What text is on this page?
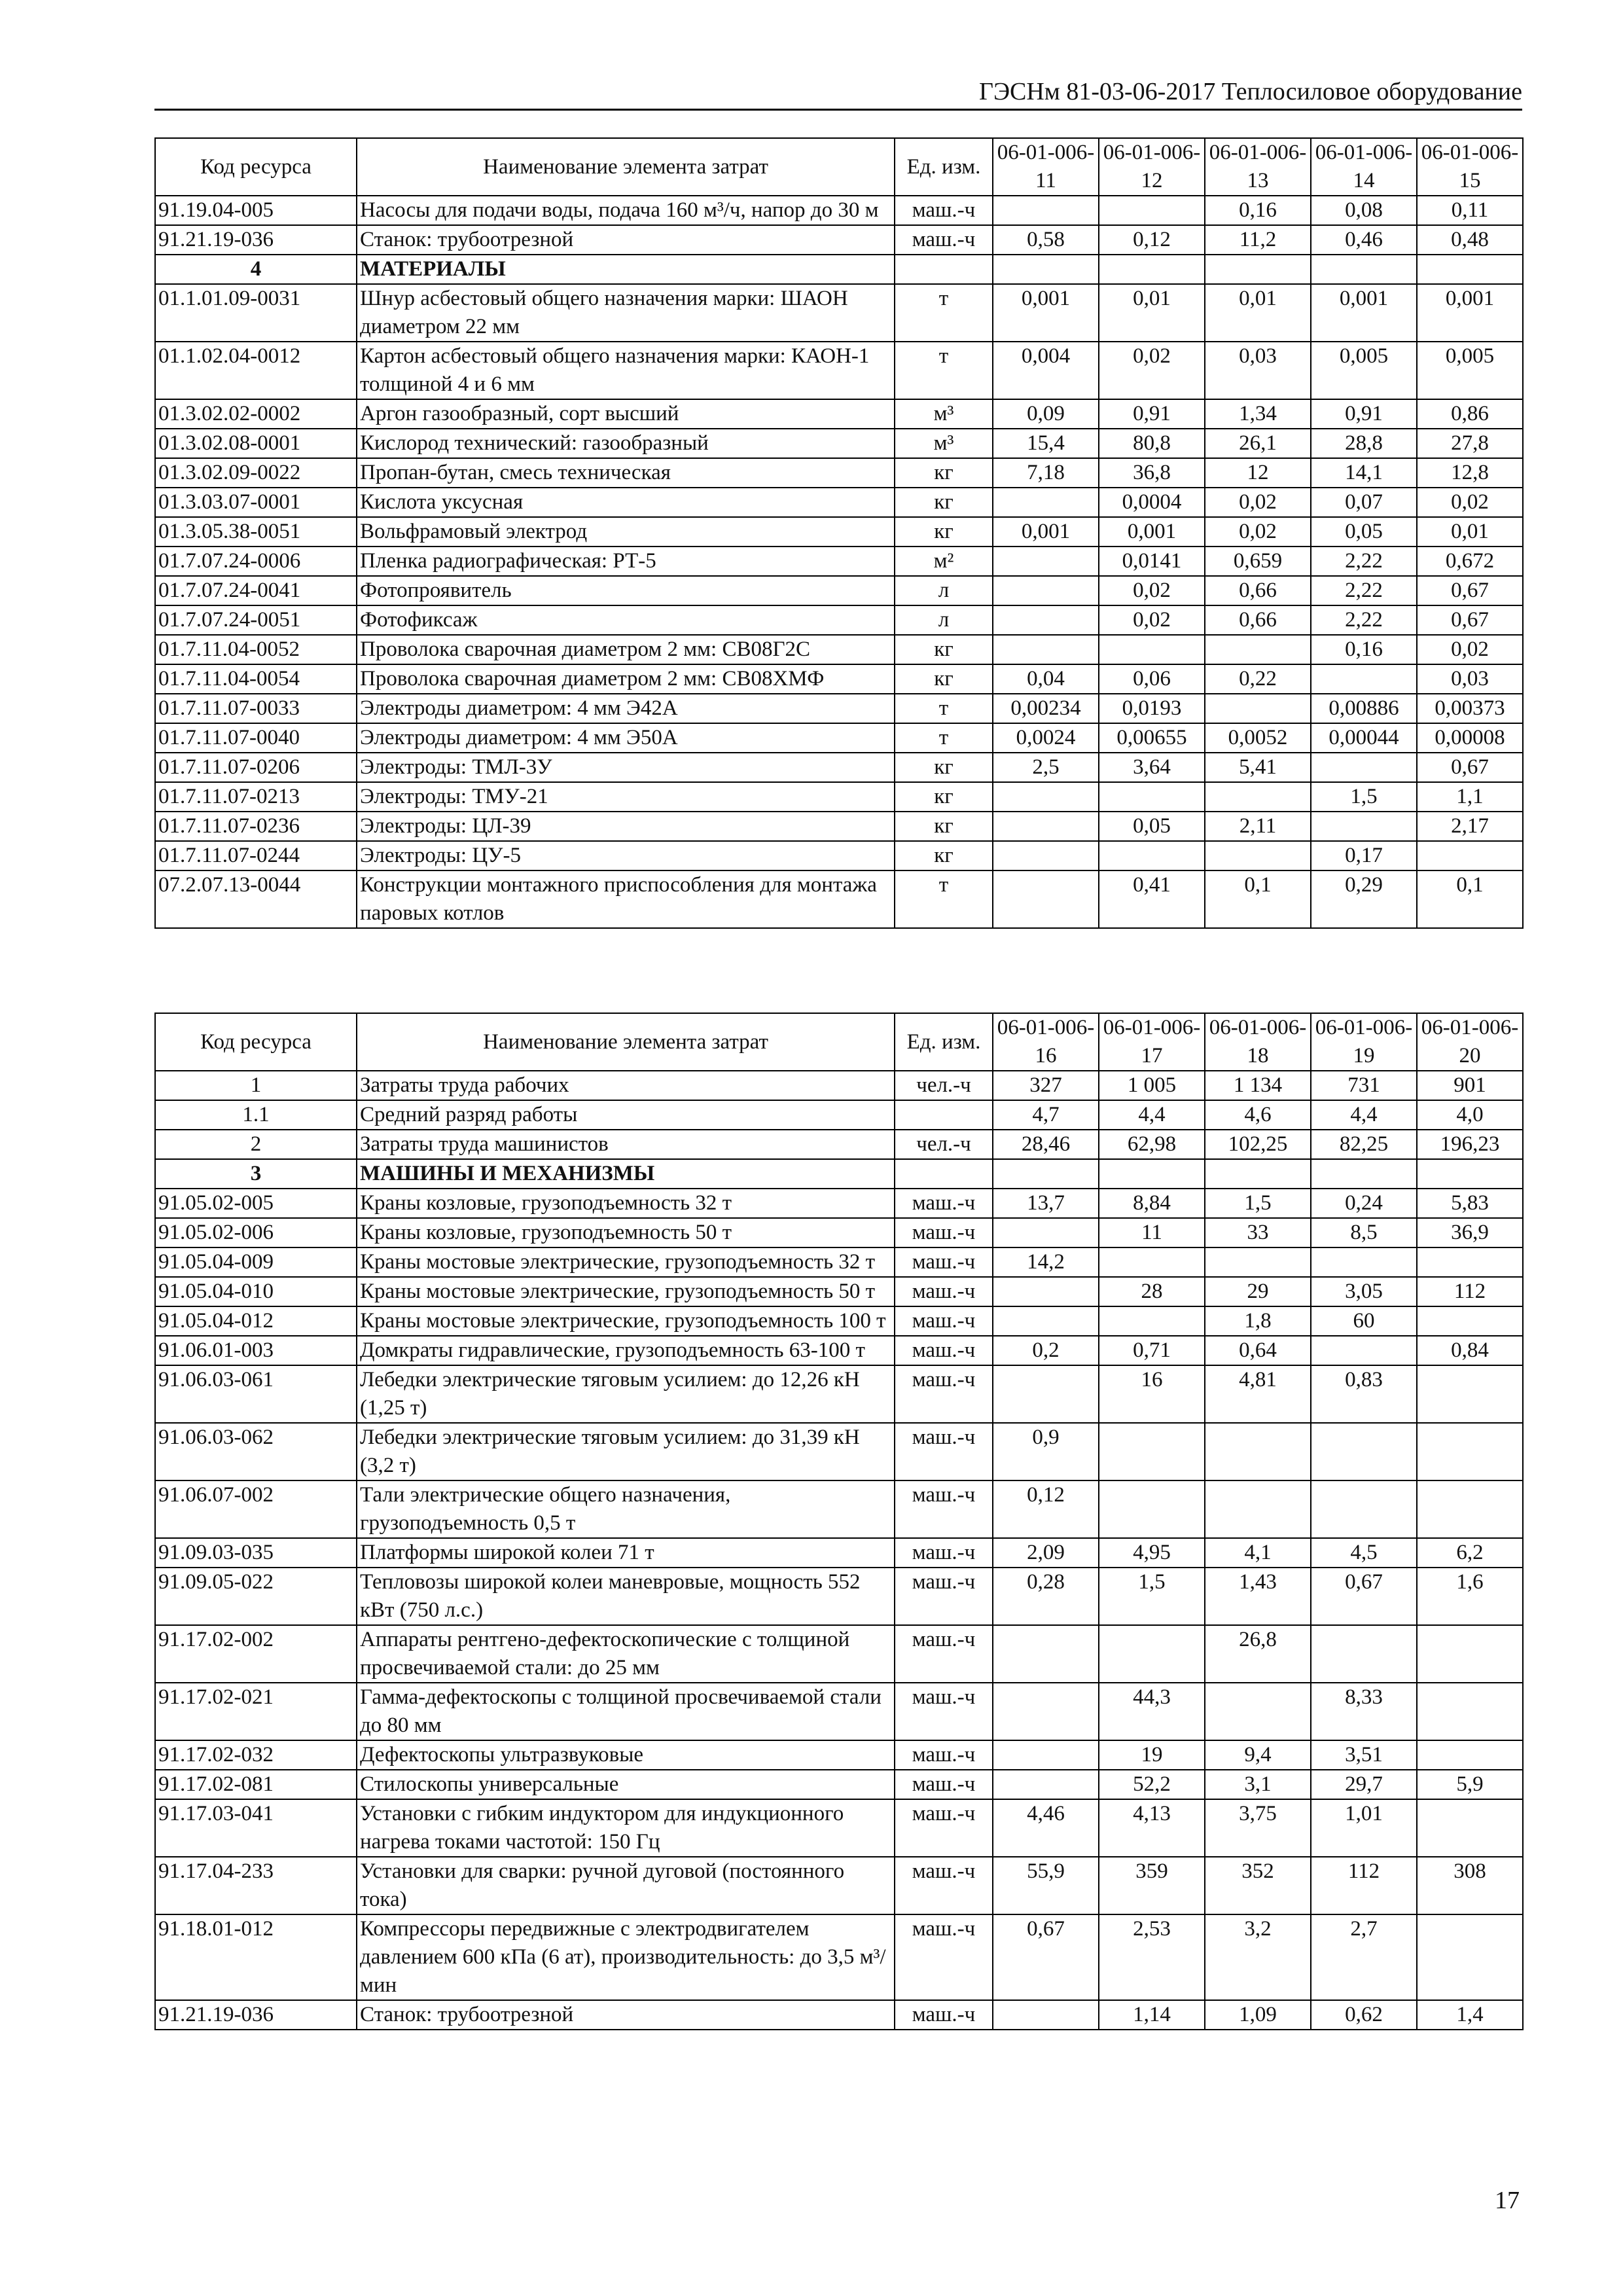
ГЭСНм 81-03-06-2017 Теплосиловое оборудование
Код ресурса	Наименование элемента затрат	Ед. изм.	06-01-006-11	06-01-006-12	06-01-006-13	06-01-006-14	06-01-006-15
91.19.04-005	Насосы для подачи воды, подача 160 м³/ч, напор до 30 м	маш.-ч			0,16	0,08	0,11
91.21.19-036	Станок: трубоотрезной	маш.-ч	0,58	0,12	11,2	0,46	0,48
4	МАТЕРИАЛЫ						
01.1.01.09-0031	Шнур асбестовый общего назначения марки: ШАОН диаметром 22 мм	т	0,001	0,01	0,01	0,001	0,001
01.1.02.04-0012	Картон асбестовый общего назначения марки: КАОН-1 толщиной 4 и 6 мм	т	0,004	0,02	0,03	0,005	0,005
01.3.02.02-0002	Аргон газообразный, сорт высший	м³	0,09	0,91	1,34	0,91	0,86
01.3.02.08-0001	Кислород технический: газообразный	м³	15,4	80,8	26,1	28,8	27,8
01.3.02.09-0022	Пропан-бутан, смесь техническая	кг	7,18	36,8	12	14,1	12,8
01.3.03.07-0001	Кислота уксусная	кг		0,0004	0,02	0,07	0,02
01.3.05.38-0051	Вольфрамовый электрод	кг	0,001	0,001	0,02	0,05	0,01
01.7.07.24-0006	Пленка радиографическая: РТ-5	м²		0,0141	0,659	2,22	0,672
01.7.07.24-0041	Фотопроявитель	л		0,02	0,66	2,22	0,67
01.7.07.24-0051	Фотофиксаж	л		0,02	0,66	2,22	0,67
01.7.11.04-0052	Проволока сварочная диаметром 2 мм: СВ08Г2С	кг				0,16	0,02
01.7.11.04-0054	Проволока сварочная диаметром 2 мм: СВ08ХМФ	кг	0,04	0,06	0,22		0,03
01.7.11.07-0033	Электроды диаметром: 4 мм Э42А	т	0,00234	0,0193		0,00886	0,00373
01.7.11.07-0040	Электроды диаметром: 4 мм Э50А	т	0,0024	0,00655	0,0052	0,00044	0,00008
01.7.11.07-0206	Электроды: ТМЛ-3У	кг	2,5	3,64	5,41		0,67
01.7.11.07-0213	Электроды: ТМУ-21	кг				1,5	1,1
01.7.11.07-0236	Электроды: ЦЛ-39	кг		0,05	2,11		2,17
01.7.11.07-0244	Электроды: ЦУ-5	кг				0,17	
07.2.07.13-0044	Конструкции монтажного приспособления для монтажа паровых котлов	т		0,41	0,1	0,29	0,1
Код ресурса	Наименование элемента затрат	Ед. изм.	06-01-006-16	06-01-006-17	06-01-006-18	06-01-006-19	06-01-006-20
1	Затраты труда рабочих	чел.-ч	327	1 005	1 134	731	901
1.1	Средний разряд работы		4,7	4,4	4,6	4,4	4,0
2	Затраты труда машинистов	чел.-ч	28,46	62,98	102,25	82,25	196,23
3	МАШИНЫ И МЕХАНИЗМЫ						
91.05.02-005	Краны козловые, грузоподъемность 32 т	маш.-ч	13,7	8,84	1,5	0,24	5,83
91.05.02-006	Краны козловые, грузоподъемность 50 т	маш.-ч		11	33	8,5	36,9
91.05.04-009	Краны мостовые электрические, грузоподъемность 32 т	маш.-ч	14,2				
91.05.04-010	Краны мостовые электрические, грузоподъемность 50 т	маш.-ч		28	29	3,05	112
91.05.04-012	Краны мостовые электрические, грузоподъемность 100 т	маш.-ч			1,8	60	
91.06.01-003	Домкраты гидравлические, грузоподъемность 63-100 т	маш.-ч	0,2	0,71	0,64		0,84
91.06.03-061	Лебедки электрические тяговым усилием: до 12,26 кН (1,25 т)	маш.-ч		16	4,81	0,83	
91.06.03-062	Лебедки электрические тяговым усилием: до 31,39 кН (3,2 т)	маш.-ч	0,9				
91.06.07-002	Тали электрические общего назначения, грузоподъемность 0,5 т	маш.-ч	0,12				
91.09.03-035	Платформы широкой колеи 71 т	маш.-ч	2,09	4,95	4,1	4,5	6,2
91.09.05-022	Тепловозы широкой колеи маневровые, мощность 552 кВт (750 л.с.)	маш.-ч	0,28	1,5	1,43	0,67	1,6
91.17.02-002	Аппараты рентгено-дефектоскопические с толщиной просвечиваемой стали: до 25 мм	маш.-ч			26,8		
91.17.02-021	Гамма-дефектоскопы с толщиной просвечиваемой стали до 80 мм	маш.-ч		44,3		8,33	
91.17.02-032	Дефектоскопы ультразвуковые	маш.-ч		19	9,4	3,51	
91.17.02-081	Стилоскопы универсальные	маш.-ч		52,2	3,1	29,7	5,9
91.17.03-041	Установки с гибким индуктором для индукционного нагрева токами частотой: 150 Гц	маш.-ч	4,46	4,13	3,75	1,01	
91.17.04-233	Установки для сварки: ручной дуговой (постоянного тока)	маш.-ч	55,9	359	352	112	308
91.18.01-012	Компрессоры передвижные с электродвигателем давлением 600 кПа (6 ат), производительность: до 3,5 м³/мин	маш.-ч	0,67	2,53	3,2	2,7	
91.21.19-036	Станок: трубоотрезной	маш.-ч		1,14	1,09	0,62	1,4
17
